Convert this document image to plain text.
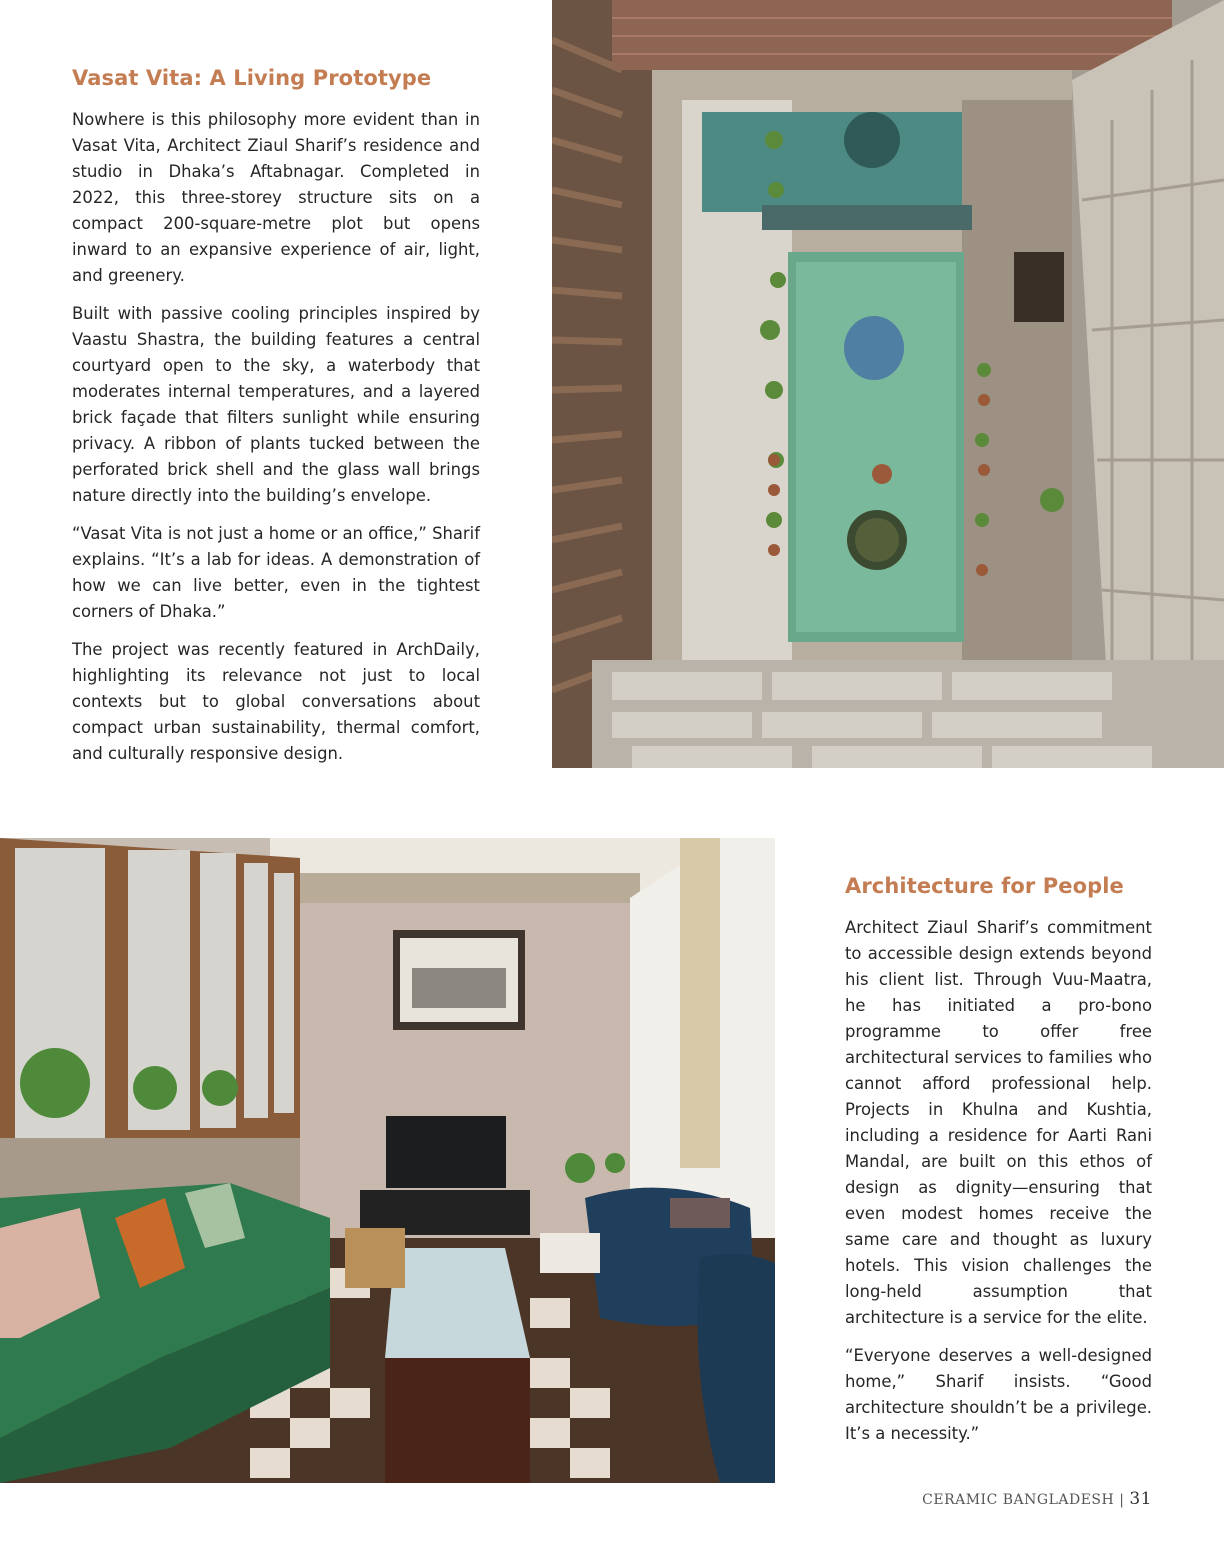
Vasat Vita: A Living Prototype

Nowhere is this philosophy more evident than in Vasat Vita, Architect Ziaul Sharif’s residence and studio in Dhaka’s Aftabnagar. Completed in 2022, this three-storey structure sits on a compact 200-square-metre plot but opens inward to an expansive experience of air, light, and greenery.

Built with passive cooling principles inspired by Vaastu Shastra, the building features a central courtyard open to the sky, a waterbody that moderates internal temperatures, and a layered brick façade that filters sunlight while ensuring privacy. A ribbon of plants tucked between the perforated brick shell and the glass wall brings nature directly into the building’s envelope.

“Vasat Vita is not just a home or an office,” Sharif explains. “It’s a lab for ideas. A demonstration of how we can live better, even in the tightest corners of Dhaka.”

The project was recently featured in ArchDaily, highlighting its relevance not just to local contexts but to global conversations about compact urban sustainability, thermal comfort, and culturally responsive design.

Architecture for People

Architect Ziaul Sharif’s commitment to accessible design extends beyond his client list. Through Vuu-Maatra, he has initiated a pro-bono programme to offer free architectural services to families who cannot afford professional help. Projects in Khulna and Kushtia, including a residence for Aarti Rani Mandal, are built on this ethos of design as dignity—ensuring that even modest homes receive the same care and thought as luxury hotels. This vision challenges the long-held assumption that architecture is a service for the elite.

“Everyone deserves a well-designed home,” Sharif insists. “Good architecture shouldn’t be a privilege. It’s a necessity.”

CERAMIC BANGLADESH | 31
